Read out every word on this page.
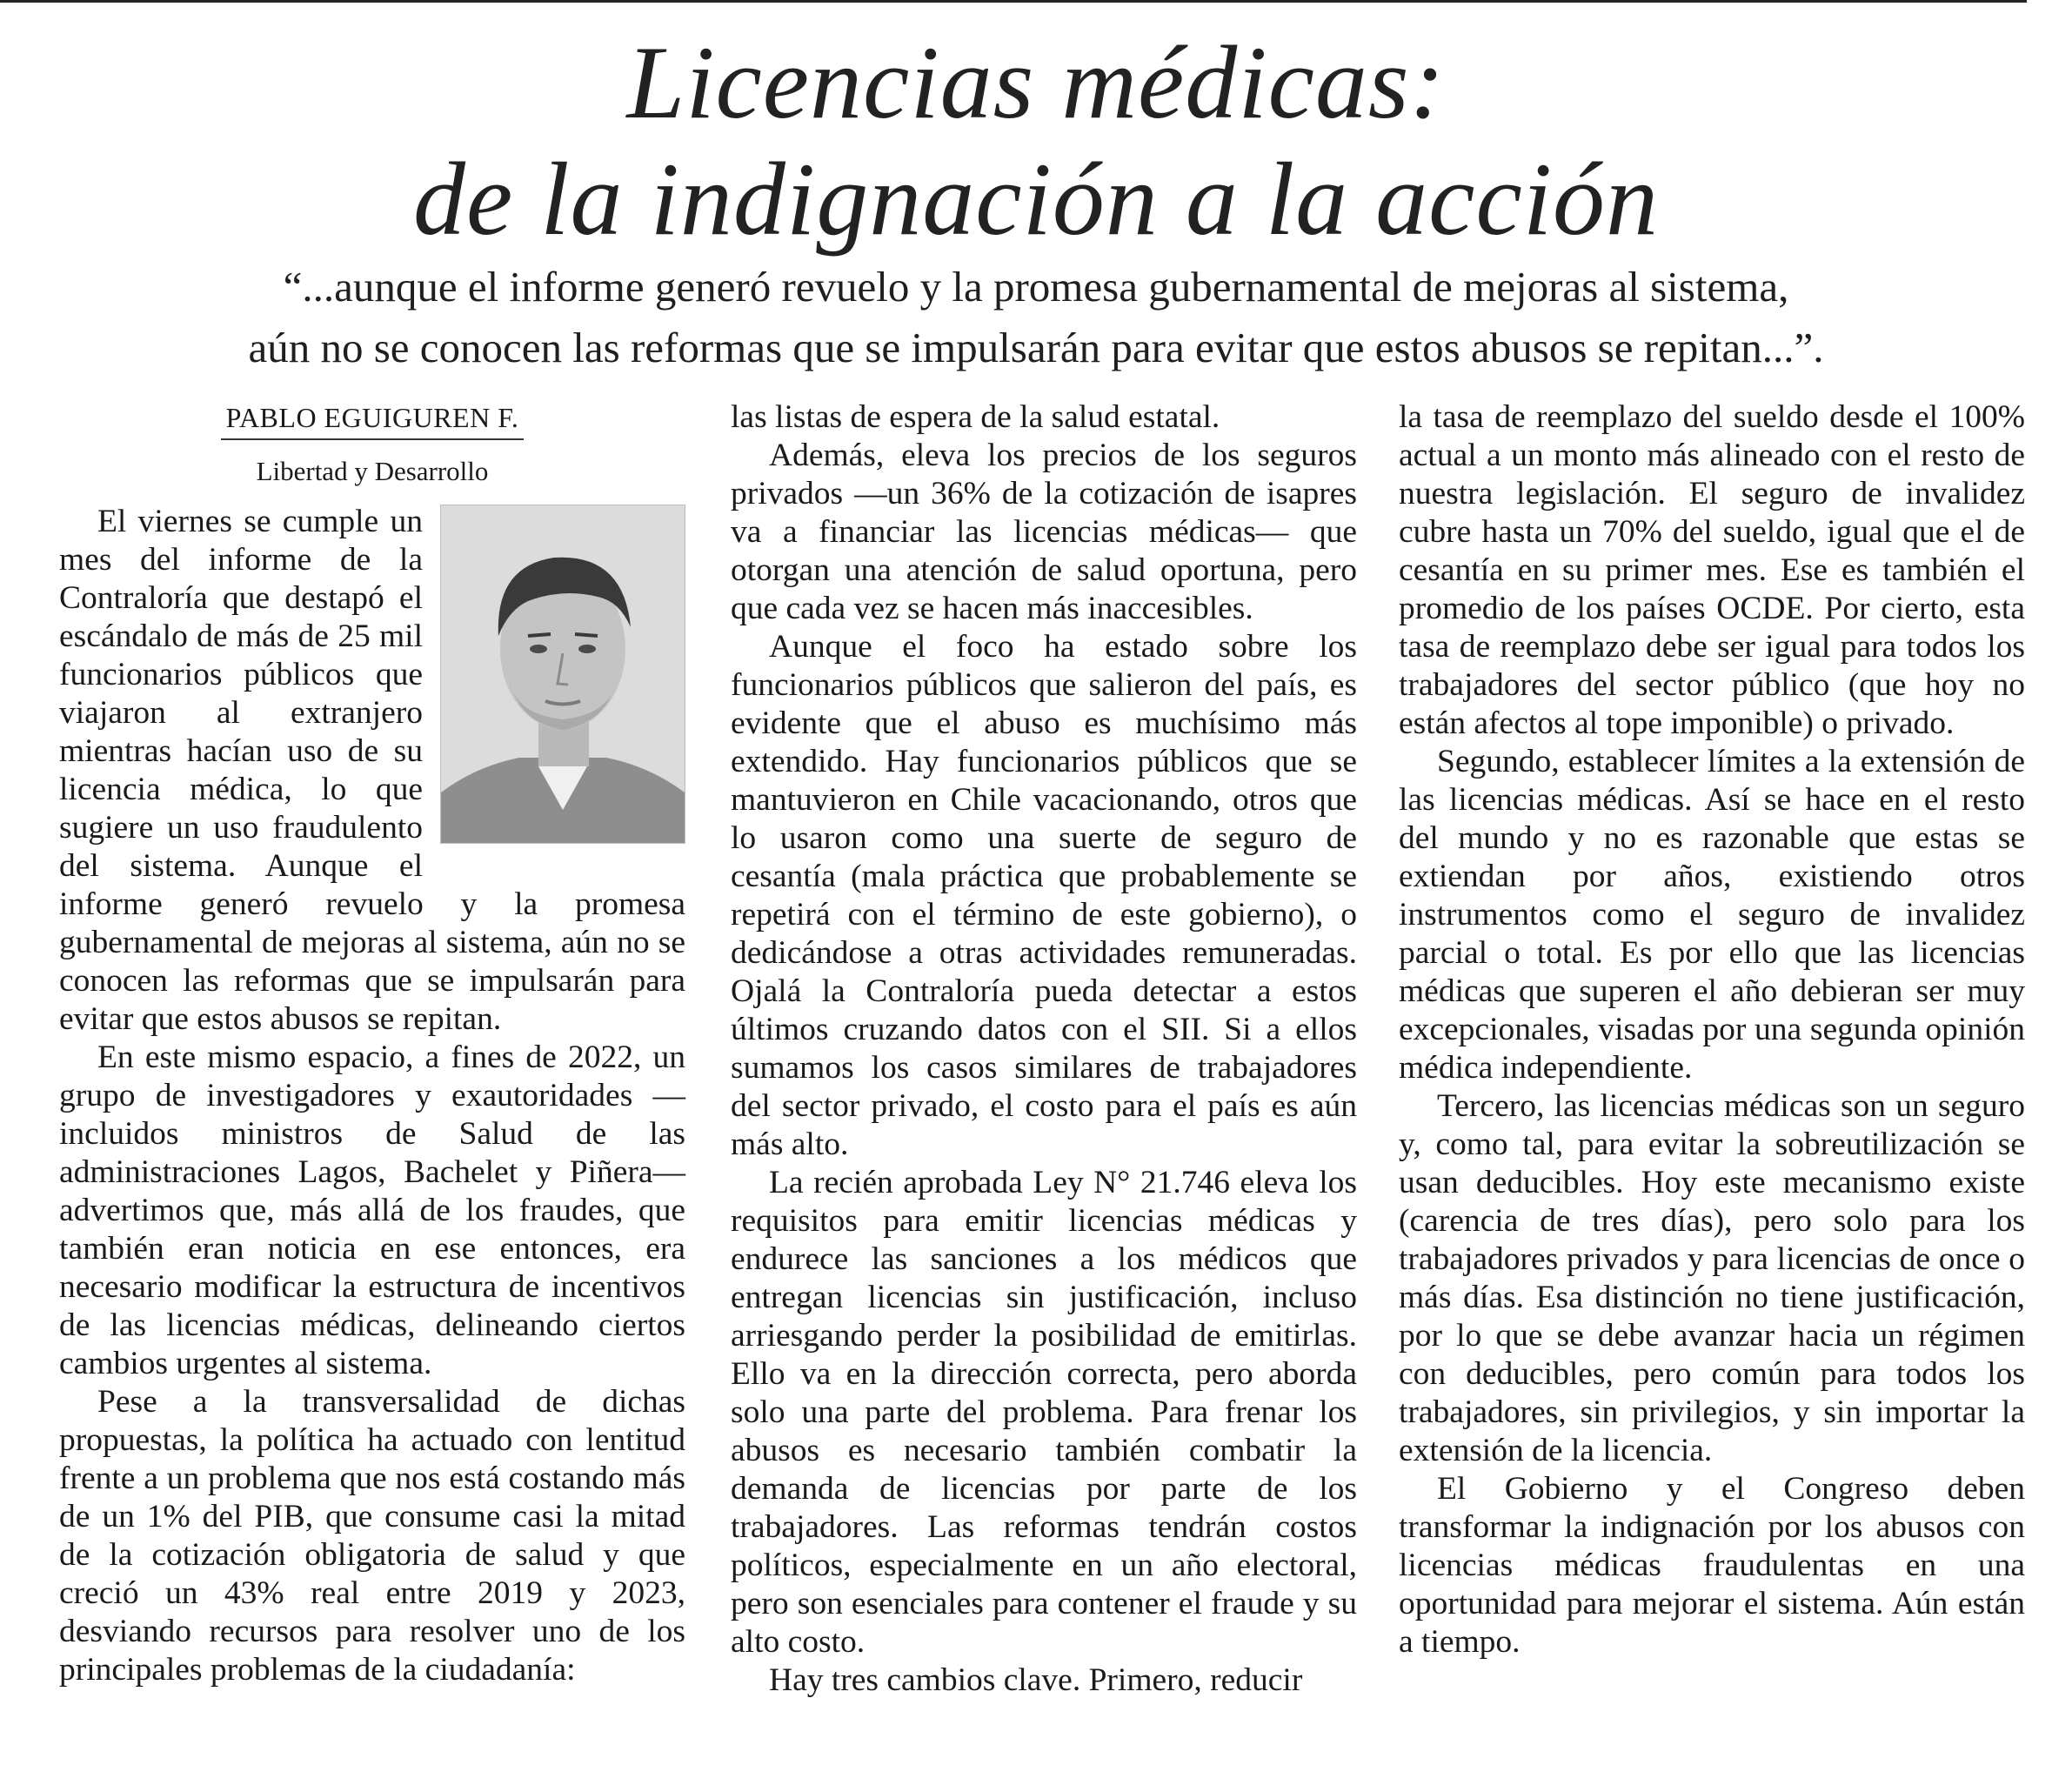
Licencias médicas:
de la indignación a la acción
“...aunque el informe generó revuelo y la promesa gubernamental de mejoras al sistema,
aún no se conocen las reformas que se impulsarán para evitar que estos abusos se repitan...”.
PABLO EGUIGUREN F.
Libertad y Desarrollo

El viernes se cumple un mes del informe de la Contraloría que destapó el escándalo de más de 25 mil funcionarios públicos que viajaron al extranjero mientras hacían uso de su licencia médica, lo que sugiere un uso fraudulento del sistema. Aunque el informe generó revuelo y la promesa gubernamental de mejoras al sistema, aún no se conocen las reformas que se impulsarán para evitar que estos abusos se repitan.

En este mismo espacio, a fines de 2022, un grupo de investigadores y exautoridades —incluidos ministros de Salud de las administraciones Lagos, Bachelet y Piñera— advertimos que, más allá de los fraudes, que también eran noticia en ese entonces, era necesario modificar la estructura de incentivos de las licencias médicas, delineando ciertos cambios urgentes al sistema.

Pese a la transversalidad de dichas propuestas, la política ha actuado con lentitud frente a un problema que nos está costando más de un 1% del PIB, que consume casi la mitad de la cotización obligatoria de salud y que creció un 43% real entre 2019 y 2023, desviando recursos para resolver uno de los principales problemas de la ciudadanía:

las listas de espera de la salud estatal.

Además, eleva los precios de los seguros privados —un 36% de la cotización de isapres va a financiar las licencias médicas— que otorgan una atención de salud oportuna, pero que cada vez se hacen más inaccesibles.

Aunque el foco ha estado sobre los funcionarios públicos que salieron del país, es evidente que el abuso es muchísimo más extendido. Hay funcionarios públicos que se mantuvieron en Chile vacacionando, otros que lo usaron como una suerte de seguro de cesantía (mala práctica que probablemente se repetirá con el término de este gobierno), o dedicándose a otras actividades remuneradas. Ojalá la Contraloría pueda detectar a estos últimos cruzando datos con el SII. Si a ellos sumamos los casos similares de trabajadores del sector privado, el costo para el país es aún más alto.

La recién aprobada Ley N° 21.746 eleva los requisitos para emitir licencias médicas y endurece las sanciones a los médicos que entregan licencias sin justificación, incluso arriesgando perder la posibilidad de emitirlas. Ello va en la dirección correcta, pero aborda solo una parte del problema. Para frenar los abusos es necesario también combatir la demanda de licencias por parte de los trabajadores. Las reformas tendrán costos políticos, especialmente en un año electoral, pero son esenciales para contener el fraude y su alto costo.

Hay tres cambios clave. Primero, reducir

la tasa de reemplazo del sueldo desde el 100% actual a un monto más alineado con el resto de nuestra legislación. El seguro de invalidez cubre hasta un 70% del sueldo, igual que el de cesantía en su primer mes. Ese es también el promedio de los países OCDE. Por cierto, esta tasa de reemplazo debe ser igual para todos los trabajadores del sector público (que hoy no están afectos al tope imponible) o privado.

Segundo, establecer límites a la extensión de las licencias médicas. Así se hace en el resto del mundo y no es razonable que estas se extiendan por años, existiendo otros instrumentos como el seguro de invalidez parcial o total. Es por ello que las licencias médicas que superen el año debieran ser muy excepcionales, visadas por una segunda opinión médica independiente.

Tercero, las licencias médicas son un seguro y, como tal, para evitar la sobreutilización se usan deducibles. Hoy este mecanismo existe (carencia de tres días), pero solo para los trabajadores privados y para licencias de once o más días. Esa distinción no tiene justificación, por lo que se debe avanzar hacia un régimen con deducibles, pero común para todos los trabajadores, sin privilegios, y sin importar la extensión de la licencia.

El Gobierno y el Congreso deben transformar la indignación por los abusos con licencias médicas fraudulentas en una oportunidad para mejorar el sistema. Aún están a tiempo.
